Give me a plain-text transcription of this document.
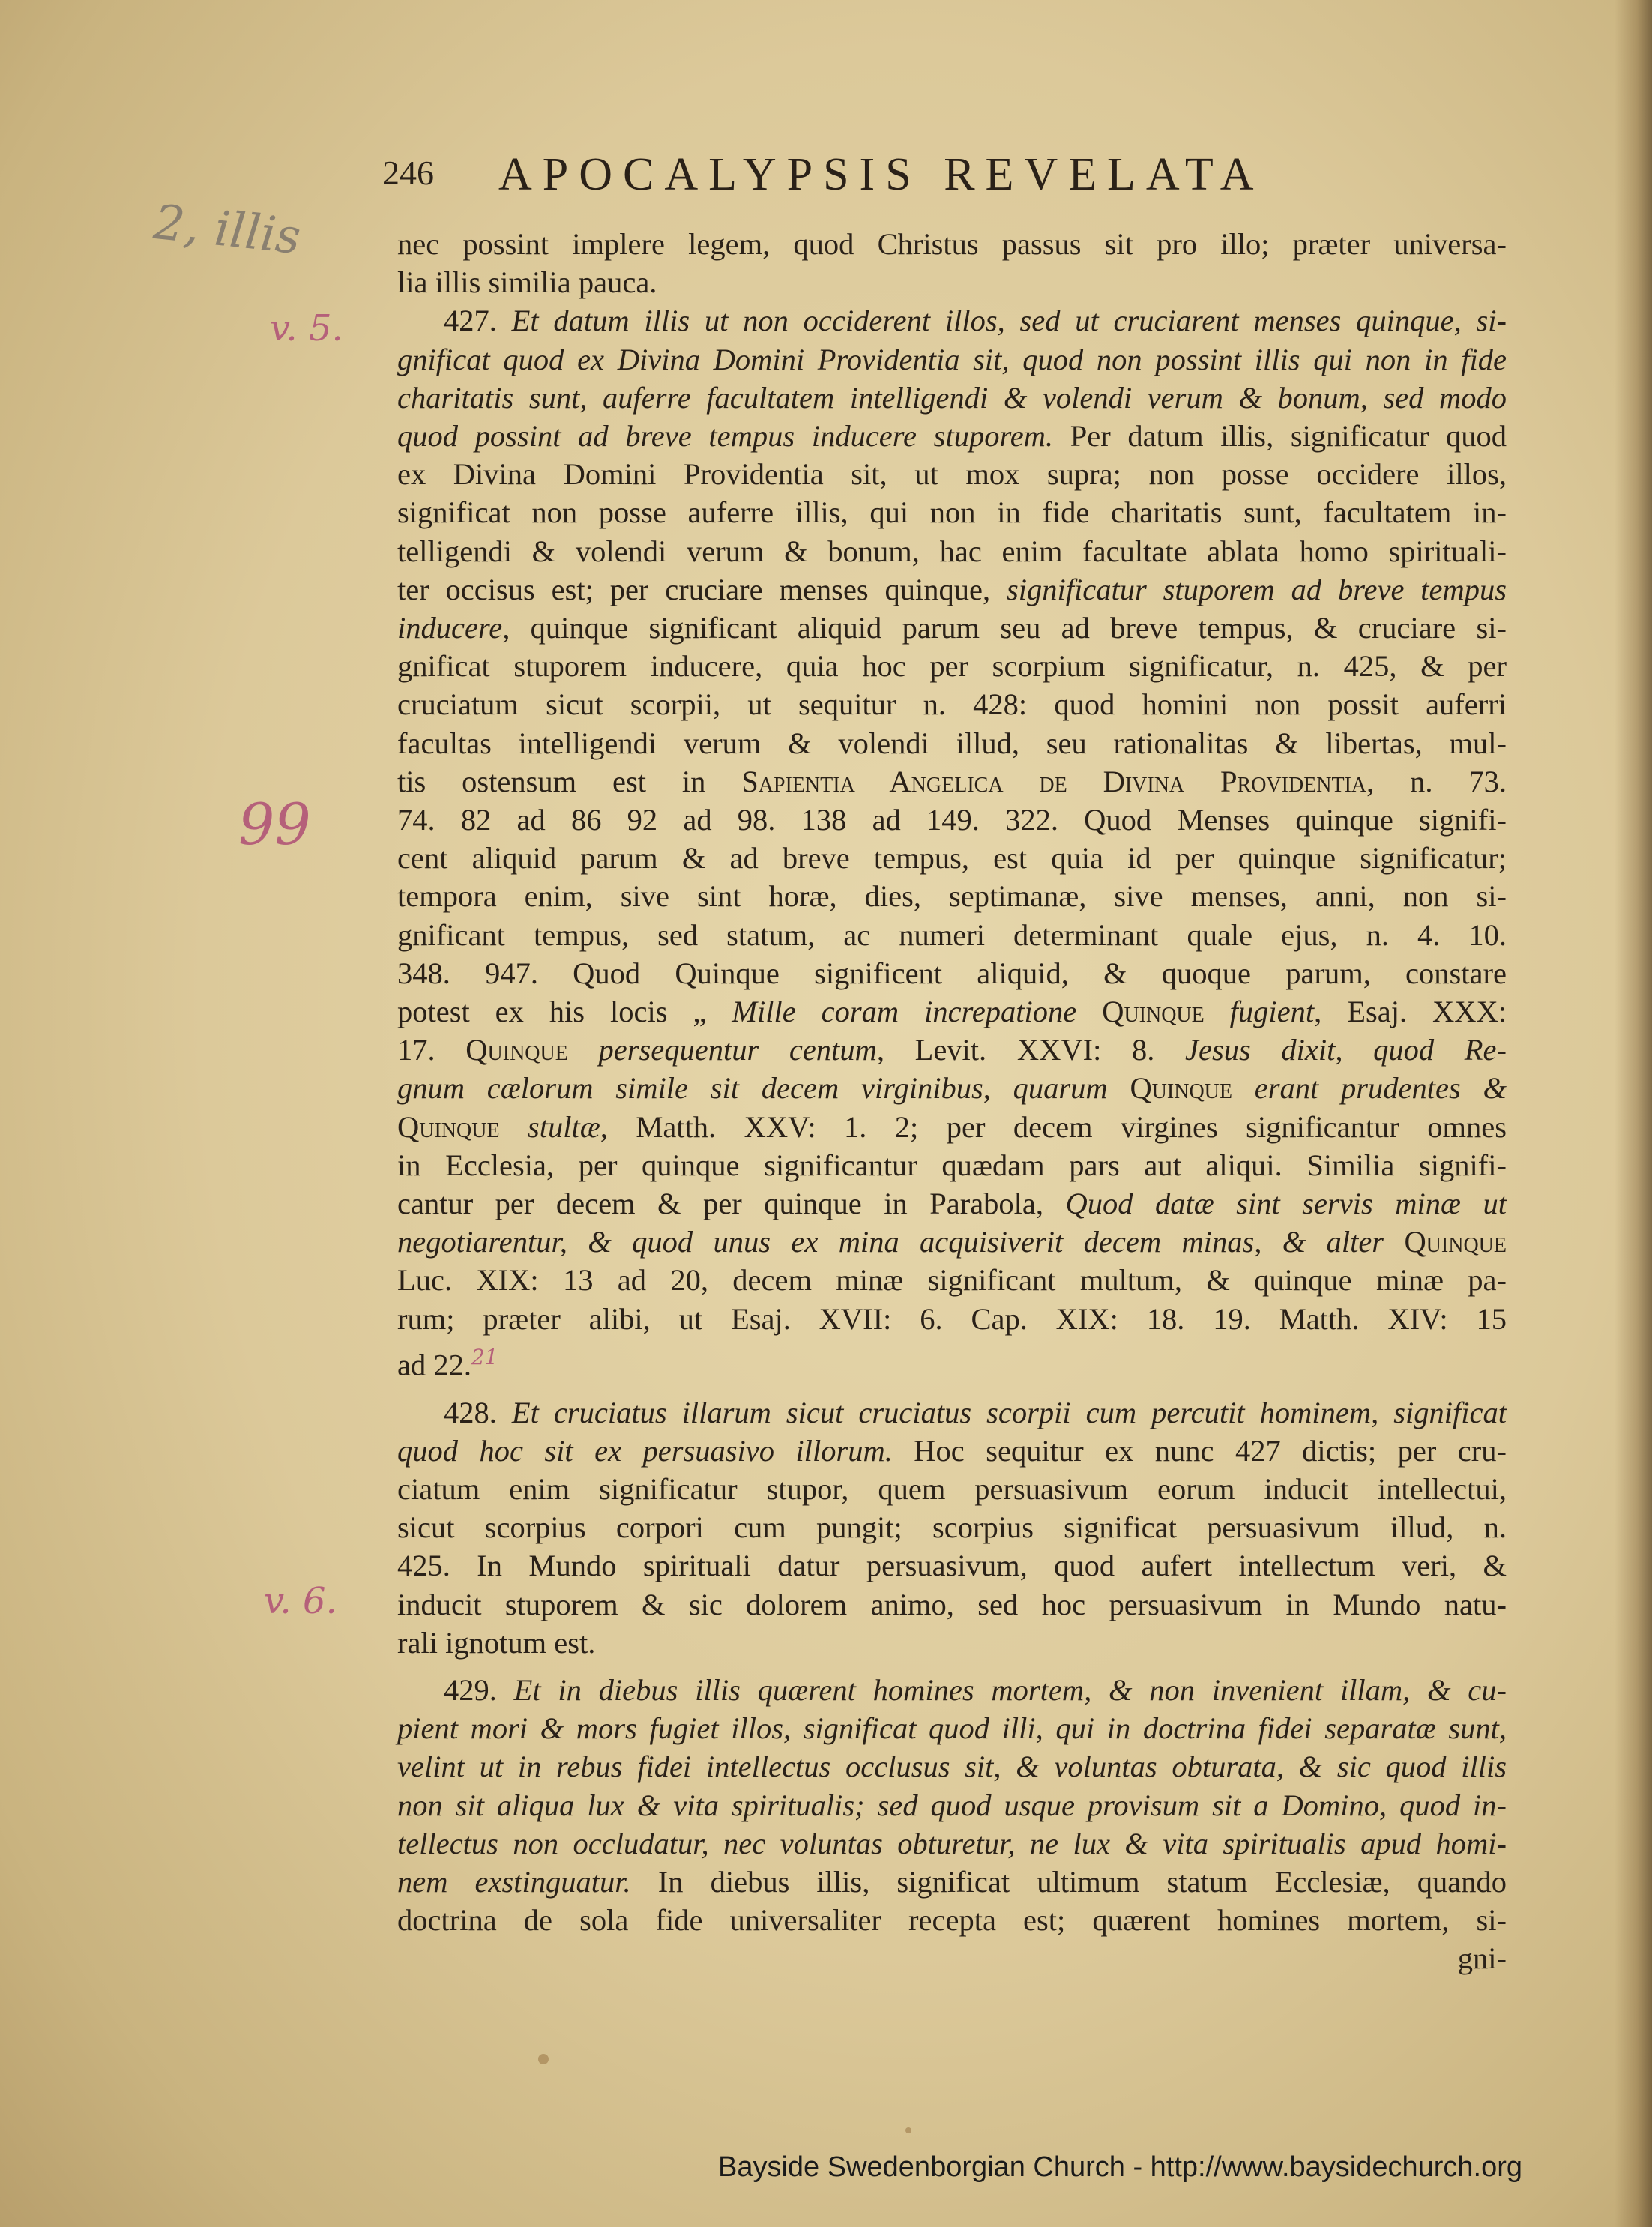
246 APOCALYPSIS REVELATA
2, illis
v. 5.
99
v. 6.
nec possint implere legem, quod Christus passus sit pro illo; præter universa-
lia illis similia pauca.
427. Et datum illis ut non occiderent illos, sed ut cruciarent menses quinque, si-
gnificat quod ex Divina Domini Providentia sit, quod non possint illis qui non in fide
charitatis sunt, auferre facultatem intelligendi & volendi verum & bonum, sed modo
quod possint ad breve tempus inducere stuporem. Per datum illis, significatur quod
ex Divina Domini Providentia sit, ut mox supra; non posse occidere illos,
significat non posse auferre illis, qui non in fide charitatis sunt, facultatem in-
telligendi & volendi verum & bonum, hac enim facultate ablata homo spirituali-
ter occisus est; per cruciare menses quinque, significatur stuporem ad breve tempus
inducere, quinque significant aliquid parum seu ad breve tempus, & cruciare si-
gnificat stuporem inducere, quia hoc per scorpium significatur, n. 425, & per
cruciatum sicut scorpii, ut sequitur n. 428: quod homini non possit auferri
facultas intelligendi verum & volendi illud, seu rationalitas & libertas, mul-
tis ostensum est in Sapientia Angelica de Divina Providentia, n. 73.
74. 82 ad 86 92 ad 98. 138 ad 149. 322. Quod Menses quinque signifi-
cent aliquid parum & ad breve tempus, est quia id per quinque significatur;
tempora enim, sive sint horæ, dies, septimanæ, sive menses, anni, non si-
gnificant tempus, sed statum, ac numeri determinant quale ejus, n. 4. 10.
348. 947. Quod Quinque significent aliquid, & quoque parum, constare
potest ex his locis „ Mille coram increpatione Quinque fugient, Esaj. XXX:
17. Quinque persequentur centum, Levit. XXVI: 8. Jesus dixit, quod Re-
gnum cælorum simile sit decem virginibus, quarum Quinque erant prudentes &
Quinque stultæ, Matth. XXV: 1. 2; per decem virgines significantur omnes
in Ecclesia, per quinque significantur quædam pars aut aliqui. Similia signifi-
cantur per decem & per quinque in Parabola, Quod datæ sint servis minæ ut
negotiarentur, & quod unus ex mina acquisiverit decem minas, & alter Quinque
Luc. XIX: 13 ad 20, decem minæ significant multum, & quinque minæ pa-
rum; præter alibi, ut Esaj. XVII: 6. Cap. XIX: 18. 19. Matth. XIV: 15
ad 22.21
428. Et cruciatus illarum sicut cruciatus scorpii cum percutit hominem, significat
quod hoc sit ex persuasivo illorum. Hoc sequitur ex nunc 427 dictis; per cru-
ciatum enim significatur stupor, quem persuasivum eorum inducit intellectui,
sicut scorpius corpori cum pungit; scorpius significat persuasivum illud, n.
425. In Mundo spirituali datur persuasivum, quod aufert intellectum veri, &
inducit stuporem & sic dolorem animo, sed hoc persuasivum in Mundo natu-
rali ignotum est.
429. Et in diebus illis quærent homines mortem, & non invenient illam, & cu-
pient mori & mors fugiet illos, significat quod illi, qui in doctrina fidei separatæ sunt,
velint ut in rebus fidei intellectus occlusus sit, & voluntas obturata, & sic quod illis
non sit aliqua lux & vita spiritualis; sed quod usque provisum sit a Domino, quod in-
tellectus non occludatur, nec voluntas obturetur, ne lux & vita spiritualis apud homi-
nem exstinguatur. In diebus illis, significat ultimum statum Ecclesiæ, quando
doctrina de sola fide universaliter recepta est; quærent homines mortem, si-
gni-
Bayside Swedenborgian Church - http://www.baysidechurch.org
